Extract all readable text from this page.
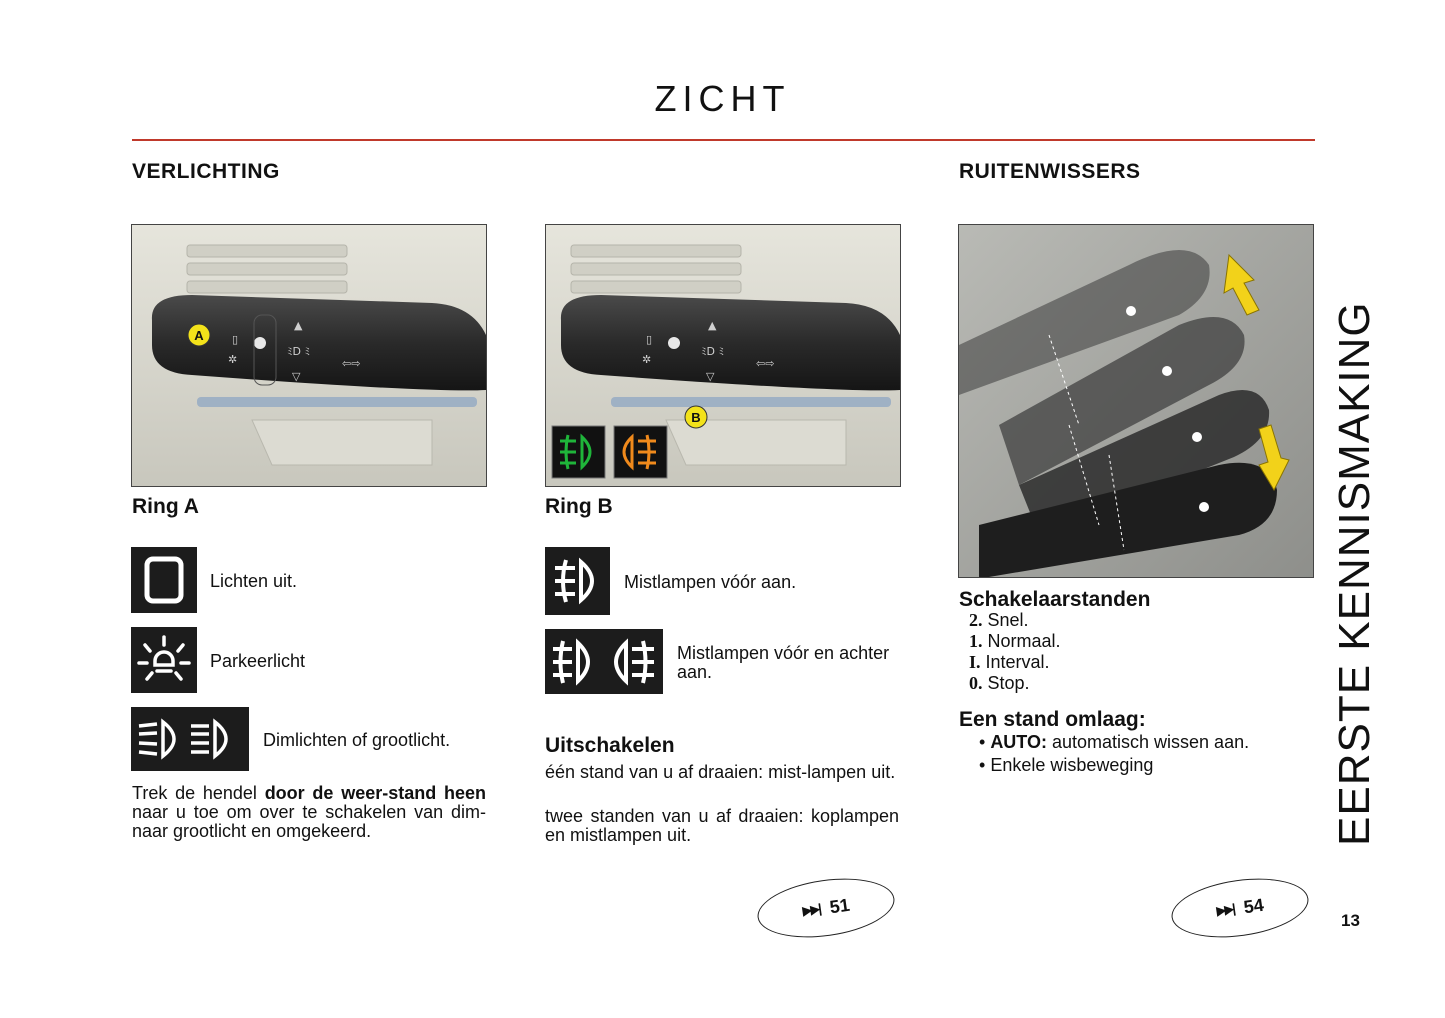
ZICHT
VERLICHTING	RUITENWISSERS
A	▯
✲
▲
ﾐD ﾐ
▽
⇦⇨
▯
✲
▲
ﾐD ﾐ
▽
⇦⇨
B
Ring A	Ring B
Lichten uit.
Parkeerlicht
Dimlichten of grootlicht.
Trek de hendel door de weer-stand heen naar u toe om over te schakelen van dim- naar grootlicht en omgekeerd.
Mistlampen vóór aan.
Mistlampen vóór en achter aan.
Uitschakelen
één stand van u af draaien: mist-lampen uit.
twee standen van u af draaien: koplampen en mistlampen uit.
Schakelaarstanden
2. Snel.
1. Normaal.
I. Interval.
0. Stop.
Een stand omlaag:
• AUTO: automatisch wissen aan.
• Enkele wisbeweging	EERSTE KENNISMAKING
▶▶| 51	▶▶| 54
13
